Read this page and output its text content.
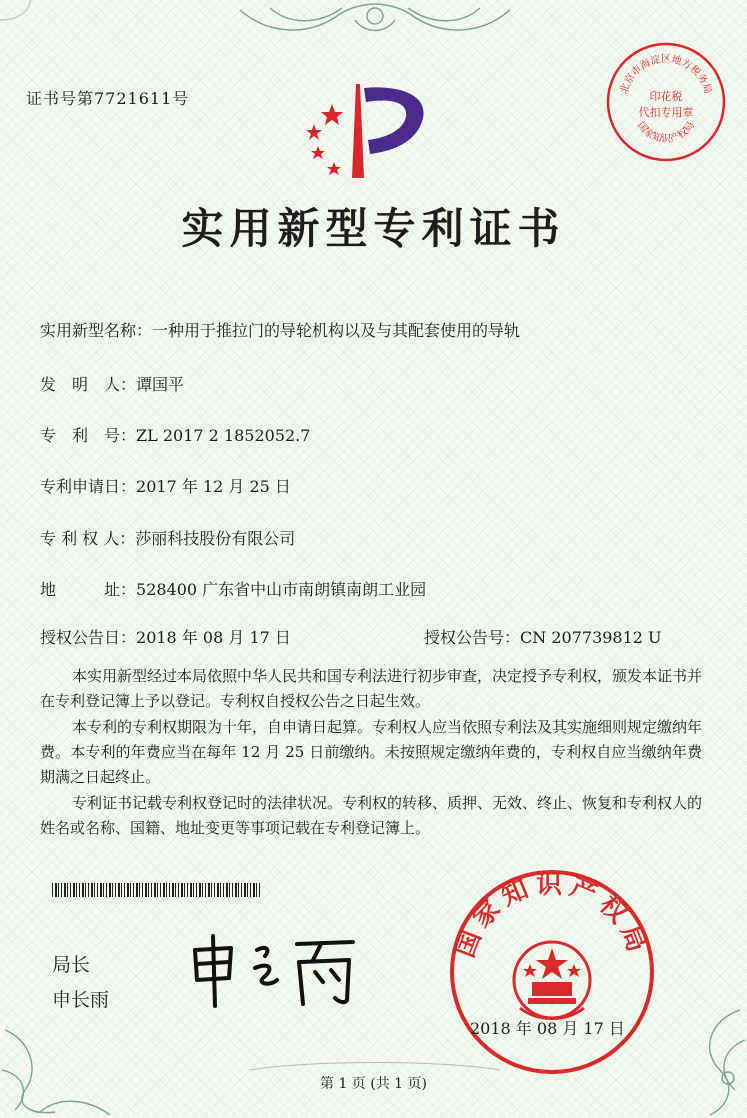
证书号第7721611号
北京市海淀区地方税务局
印花税
代扣专用章
国家知识产权局
实用新型专利证书
实用新型名称：一种用于推拉门的导轮机构以及与其配套使用的导轨
发　明　人：谭国平
专　利　号：ZL 2017 2 1852052.7
专利申请日：2017 年 12 月 25 日
专 利 权 人：莎丽科技股份有限公司
地　　　址：528400 广东省中山市南朗镇南朗工业园
授权公告日：2018 年 08 月 17 日	授权公告号：CN 207739812 U
本实用新型经过本局依照中华人民共和国专利法进行初步审查，决定授予专利权，颁发本证书并在专利登记簿上予以登记。专利权自授权公告之日起生效。
本专利的专利权期限为十年，自申请日起算。专利权人应当依照专利法及其实施细则规定缴纳年费。本专利的年费应当在每年 12 月 25 日前缴纳。未按照规定缴纳年费的，专利权自应当缴纳年费期满之日起终止。
专利证书记载专利权登记时的法律状况。专利权的转移、质押、无效、终止、恢复和专利权人的姓名或名称、国籍、地址变更等事项记载在专利登记簿上。
局长
申长雨
国家知识产权局
2018 年 08 月 17 日
第 1 页 (共 1 页)
